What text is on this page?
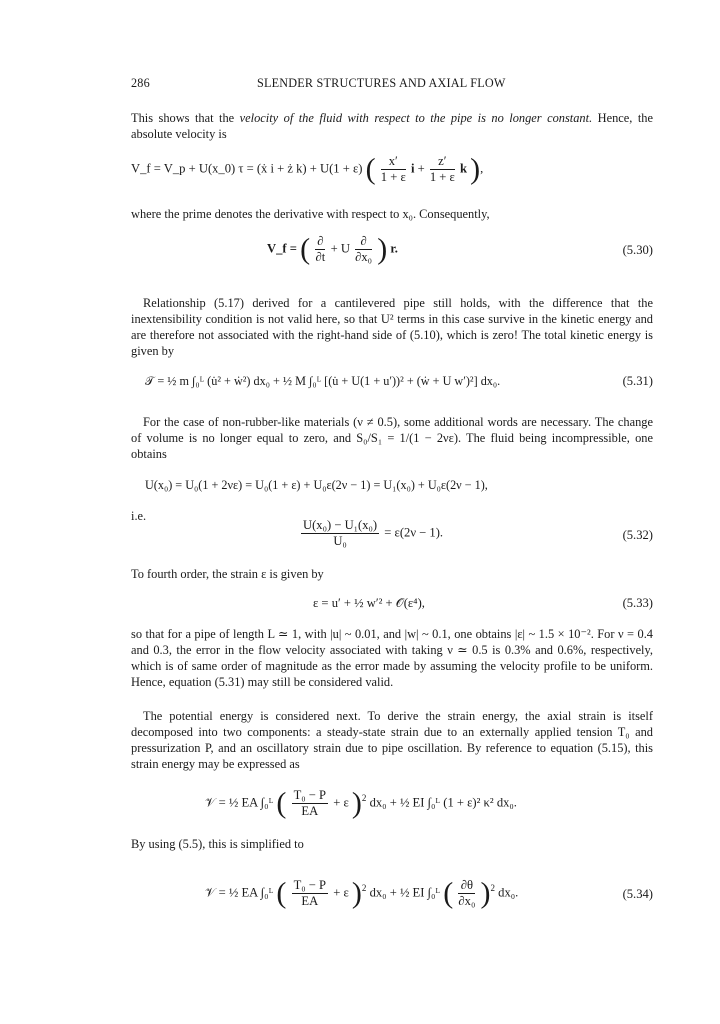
286	SLENDER STRUCTURES AND AXIAL FLOW

This shows that the velocity of the fluid with respect to the pipe is no longer constant. Hence, the absolute velocity is

V_f = V_p + U(x_0) τ = (ẋ i + ż k) + U(1 + ε) ( $\frac{x'}{1 + \varepsilon}$ $i + \frac{z'}{1 + \varepsilon}$ k ),

where the prime denotes the derivative with respect to x₀. Consequently,

V_f = ( $\frac{\partial}{\partial t} + U \frac{\partial}{\text{∂x₀}}$ ) r.	(5.30)

Relationship (5.17) derived for a cantilevered pipe still holds, with the difference that the inextensibility condition is not valid here, so that U² terms in this case survive in the kinetic energy and are therefore not associated with the right-hand side of (5.10), which is zero! The total kinetic energy is given by

𝒯 = ½ m ∫₀ᴸ (u̇² + ẇ²) dx₀ + ½ M ∫₀ᴸ [(u̇ + U(1 + u′))² + (ẇ + U w′)²] dx₀.	(5.31)

For the case of non-rubber-like materials (ν ≠ 0.5), some additional words are necessary. The change of volume is no longer equal to zero, and S₀/S₁ = 1/(1 − 2νε). The fluid being incompressible, one obtains

U(x₀) = U₀(1 + 2νε) = U₀(1 + ε) + U₀ε(2ν − 1) = U₁(x₀) + U₀ε(2ν − 1),

i.e.

$\frac{\text{U(x₀) − U₁(x₀)}}{\text{U₀}} = \varepsilon(2\nu - 1)$.	(5.32)

To fourth order, the strain ε is given by

ε = u′ + ½ w′² + 𝒪(ε⁴),	(5.33)

so that for a pipe of length L ≃ 1, with |u| ~ 0.01, and |w| ~ 0.1, one obtains |ε| ~ 1.5 × 10⁻². For ν = 0.4 and 0.3, the error in the flow velocity associated with taking ν ≃ 0.5 is 0.3% and 0.6%, respectively, which is of same order of magnitude as the error made by assuming the velocity profile to be uniform. Hence, equation (5.31) may still be considered valid.

The potential energy is considered next. To derive the strain energy, the axial strain is itself decomposed into two components: a steady-state strain due to an externally applied tension T₀ and pressurization P, and an oscillatory strain due to pipe oscillation. By reference to equation (5.15), this strain energy may be expressed as

𝒱 = ½ EA ∫₀ᴸ ( $\frac{\text{T₀ − P}}{EA} + \varepsilon$ )$^2$ dx₀ + ½ EI ∫₀ᴸ (1 + ε)² κ² dx₀.

By using (5.5), this is simplified to

𝒱 = ½ EA ∫₀ᴸ ( $\frac{\text{T₀ − P}}{EA} + \varepsilon$ )$^2$ dx₀ + ½ EI ∫₀ᴸ ( $\frac{\partial\theta}{\text{∂x₀}} )^2$ dx₀.	(5.34)
